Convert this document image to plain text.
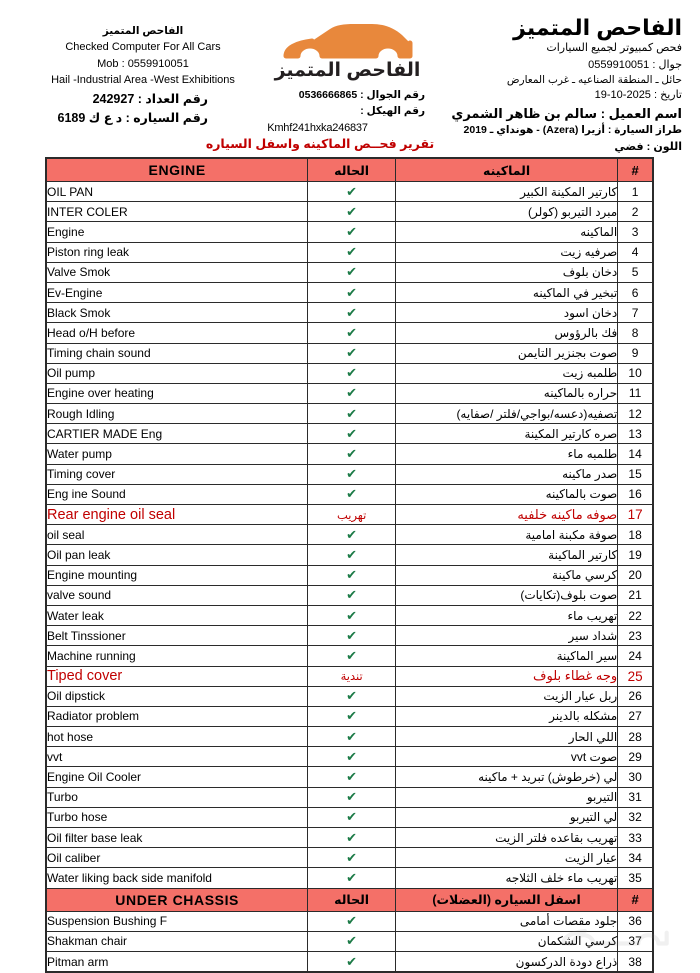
الفاحص المتميز
Checked Computer For All Cars
Mob : 0559910051
Hail -Industrial Area -West Exhibitions	الفاحص المتميز
الفاحص المتميز
فحص كمبيوتر لجميع السيارات
جوال : 0559910051
حائل ـ المنطقة الصناعيه ـ غرب المعارض
رقم العداد : 242927
رقم السياره : د ع ك 6189
رقم الجوال : 0536666865
رقم الهيكل :
Kmhf241hxka246837
تاريخ : 2025-10-19
اسم العميل : سالم بن ظاهر الشمري
طراز السيارة : أزيرا (Azera) - هونداي ـ 2019
اللون : فضي
تقرير فحــص الماكينه واسفل السياره
ENGINE	الحاله	الماكينه	#
OIL PAN	✔	كارتير المكينة الكبير	1
INTER COLER	✔	مبرد التيربو (كولر)	2
Engine	✔	الماكينه	3
Piston ring leak	✔	صرفيه زيت	4
Valve Smok	✔	دخان بلوف	5
Ev-Engine	✔	تبخير في الماكينه	6
Black Smok	✔	دخان اسود	7
Head o/H before	✔	فك بالرؤوس	8
Timing chain sound	✔	صوت بجنزير التايمن	9
Oil pump	✔	طلمبه زيت	10
Engine over heating	✔	حراره بالماكينه	11
Rough Idling	✔	تصفيه(دعسه/بواجي/فلتر /صفايه)	12
CARTIER MADE Eng	✔	صره كارتير المكينة	13
Water pump	✔	طلمبه ماء	14
Timing cover	✔	صدر ماكينه	15
Eng ine Sound	✔	صوت بالماكينه	16
Rear engine oil seal	تهريب	صوفه ماكينه خلفيه	17
oil seal	✔	صوفة مكبنة امامية	18
Oil pan leak	✔	كارتير الماكينة	19
Engine mounting	✔	كرسي ماكينة	20
valve sound	✔	صوت بلوف(تكايات)	21
Water leak	✔	تهريب ماء	22
Belt Tinssioner	✔	شداد سير	23
Machine running	✔	سير الماكينة	24
Tiped cover	تندية	وجه غطاء بلوف	25
Oil dipstick	✔	ربل عيار الزيت	26
Radiator problem	✔	مشكله بالدينر	27
hot hose	✔	اللي الحار	28
vvt	✔	صوت vvt	29
Engine Oil Cooler	✔	لي (خرطوش) تبريد + ماكينه	30
Turbo	✔	التيربو	31
Turbo hose	✔	لي التيربو	32
Oil filter base leak	✔	تهريب بقاعده فلتر الزيت	33
Oil caliber	✔	عيار الزيت	34
Water liking back side manifold	✔	تهريب ماء خلف الثلاجه	35
UNDER CHASSIS	الحاله	اسفل السياره (العضلات)	#
Suspension Bushing F	✔	جلود مقصات أمامى	36
Shakman chair	✔	كرسي الشكمان	37
Pitman arm	✔	ذراع دودة الدركسون	38
